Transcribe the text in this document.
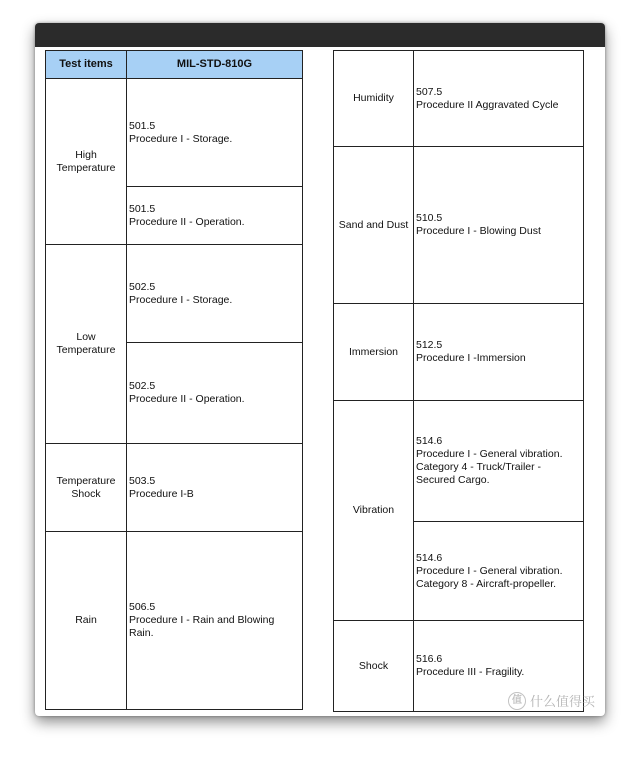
Test items	MIL-STD-810G
High
Temperature	501.5
Procedure I - Storage.

	501.5
Procedure II - Operation.

Low
Temperature	502.5
Procedure I - Storage.

	502.5
Procedure II - Operation.

Temperature
Shock	503.5
Procedure I-B

Rain	506.5
Procedure I - Rain and Blowing
Rain.
Humidity	507.5
Procedure II Aggravated Cycle

Sand and Dust	510.5
Procedure I - Blowing Dust

Immersion	512.5
Procedure I -Immersion

Vibration	514.6
Procedure I - General vibration.
Category 4 - Truck/Trailer -
Secured Cargo.

	514.6
Procedure I - General vibration.
Category 8 - Aircraft-propeller.

Shock	516.6
Procedure III - Fragility.
值 什么值得买
